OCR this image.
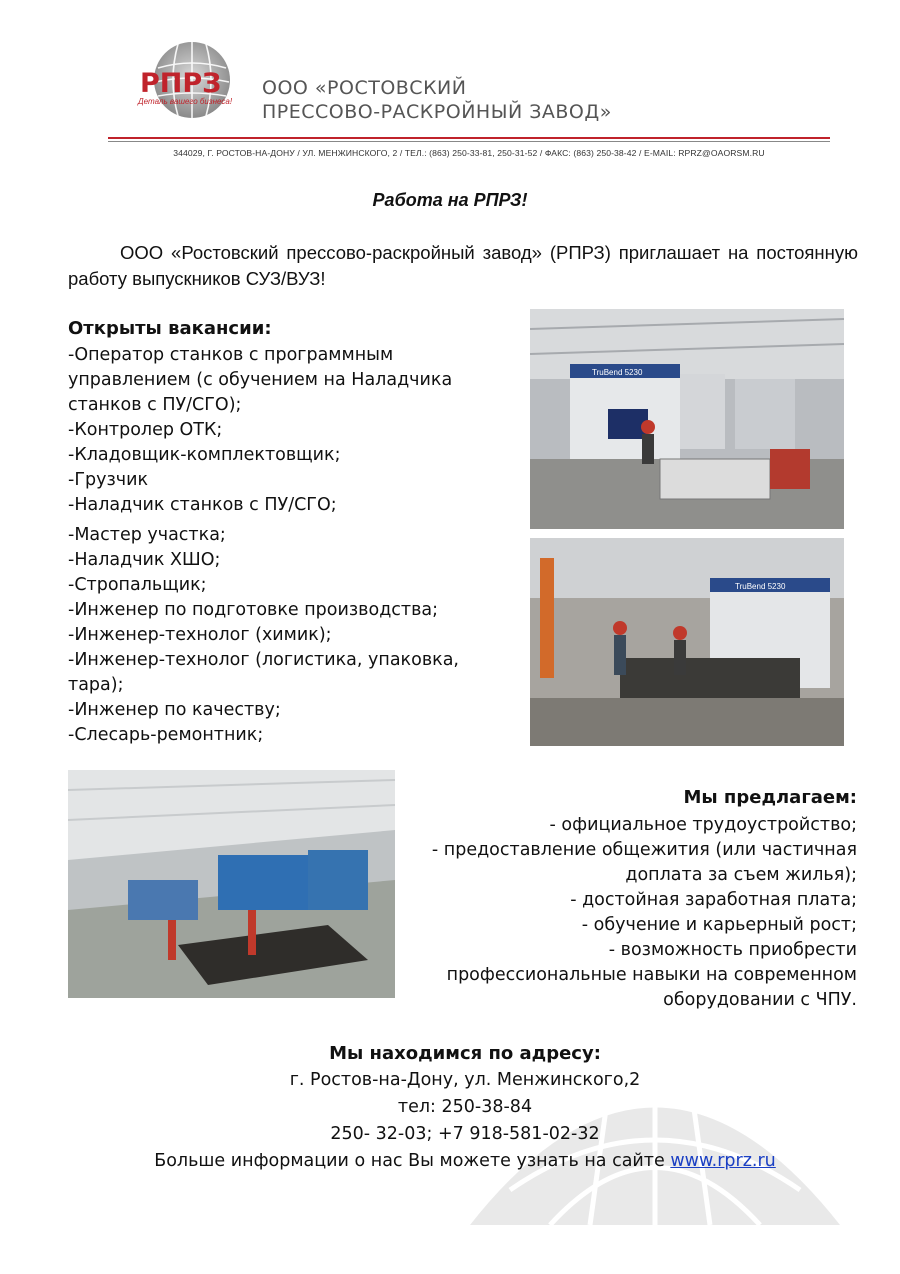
РПРЗ
Деталь вашего бизнеса!
ООО «РОСТОВСКИЙ
ПРЕССОВО-РАСКРОЙНЫЙ ЗАВОД»
344029, Г. РОСТОВ-НА-ДОНУ / УЛ. МЕНЖИНСКОГО, 2 / ТЕЛ.: (863) 250-33-81, 250-31-52 / ФАКС: (863) 250-38-42 / E-MAIL: RPRZ@OAORSM.RU
Работа на РПРЗ!
ООО «Ростовский прессово-раскройный завод» (РПРЗ) приглашает на постоянную работу выпускников СУЗ/ВУЗ!
Открыты вакансии:
-Оператор станков с программным
управлением (с обучением на Наладчика
станков с ПУ/СГО);
-Контролер ОТК;
-Кладовщик-комплектовщик;
-Грузчик
-Наладчик станков с ПУ/СГО;
-Мастер участка;
-Наладчик ХШО;
-Стропальщик;
-Инженер по подготовке производства;
-Инженер-технолог (химик);
-Инженер-технолог (логистика, упаковка,
тара);
-Инженер по качеству;
-Слесарь-ремонтник;
TruBend 5230
TruBend 5230
Мы предлагаем:
- официальное трудоустройство;
- предоставление общежития (или частичная
доплата за съем жилья);
- достойная заработная плата;
- обучение и карьерный рост;
- возможность приобрести
профессиональные навыки на современном
оборудовании с ЧПУ.
Мы находимся по адресу:
г. Ростов-на-Дону, ул. Менжинского,2
тел: 250-38-84
250- 32-03; +7 918-581-02-32
Больше информации о нас Вы можете узнать на сайте www.rprz.ru
